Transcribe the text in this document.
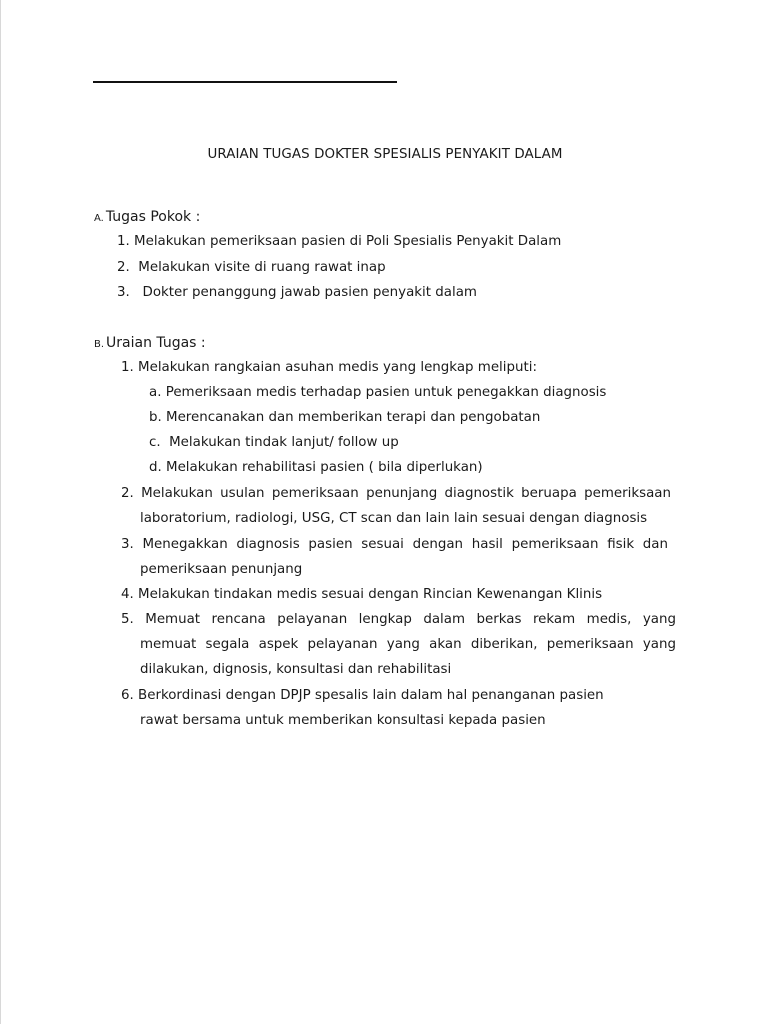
URAIAN TUGAS DOKTER SPESIALIS PENYAKIT DALAM
A. Tugas Pokok :
1. Melakukan pemeriksaan pasien di Poli Spesialis Penyakit Dalam
2.  Melakukan visite di ruang rawat inap
3.   Dokter penanggung jawab pasien penyakit dalam
B. Uraian Tugas :
1. Melakukan rangkaian asuhan medis yang lengkap meliputi:
a. Pemeriksaan medis terhadap pasien untuk penegakkan diagnosis
b. Merencanakan dan memberikan terapi dan pengobatan
c.  Melakukan tindak lanjut/ follow up
d. Melakukan rehabilitasi pasien ( bila diperlukan)
2. Melakukan usulan pemeriksaan penunjang diagnostik beruapa pemeriksaan
laboratorium, radiologi, USG, CT scan dan lain lain sesuai dengan diagnosis
3. Menegakkan diagnosis pasien sesuai dengan hasil pemeriksaan fisik dan
pemeriksaan penunjang
4. Melakukan tindakan medis sesuai dengan Rincian Kewenangan Klinis
5. Memuat rencana pelayanan lengkap dalam berkas rekam medis, yang
memuat segala aspek pelayanan yang akan diberikan, pemeriksaan yang
dilakukan, dignosis, konsultasi dan rehabilitasi
6. Berkordinasi dengan DPJP spesalis lain dalam hal penanganan pasien
rawat bersama untuk memberikan konsultasi kepada pasien
